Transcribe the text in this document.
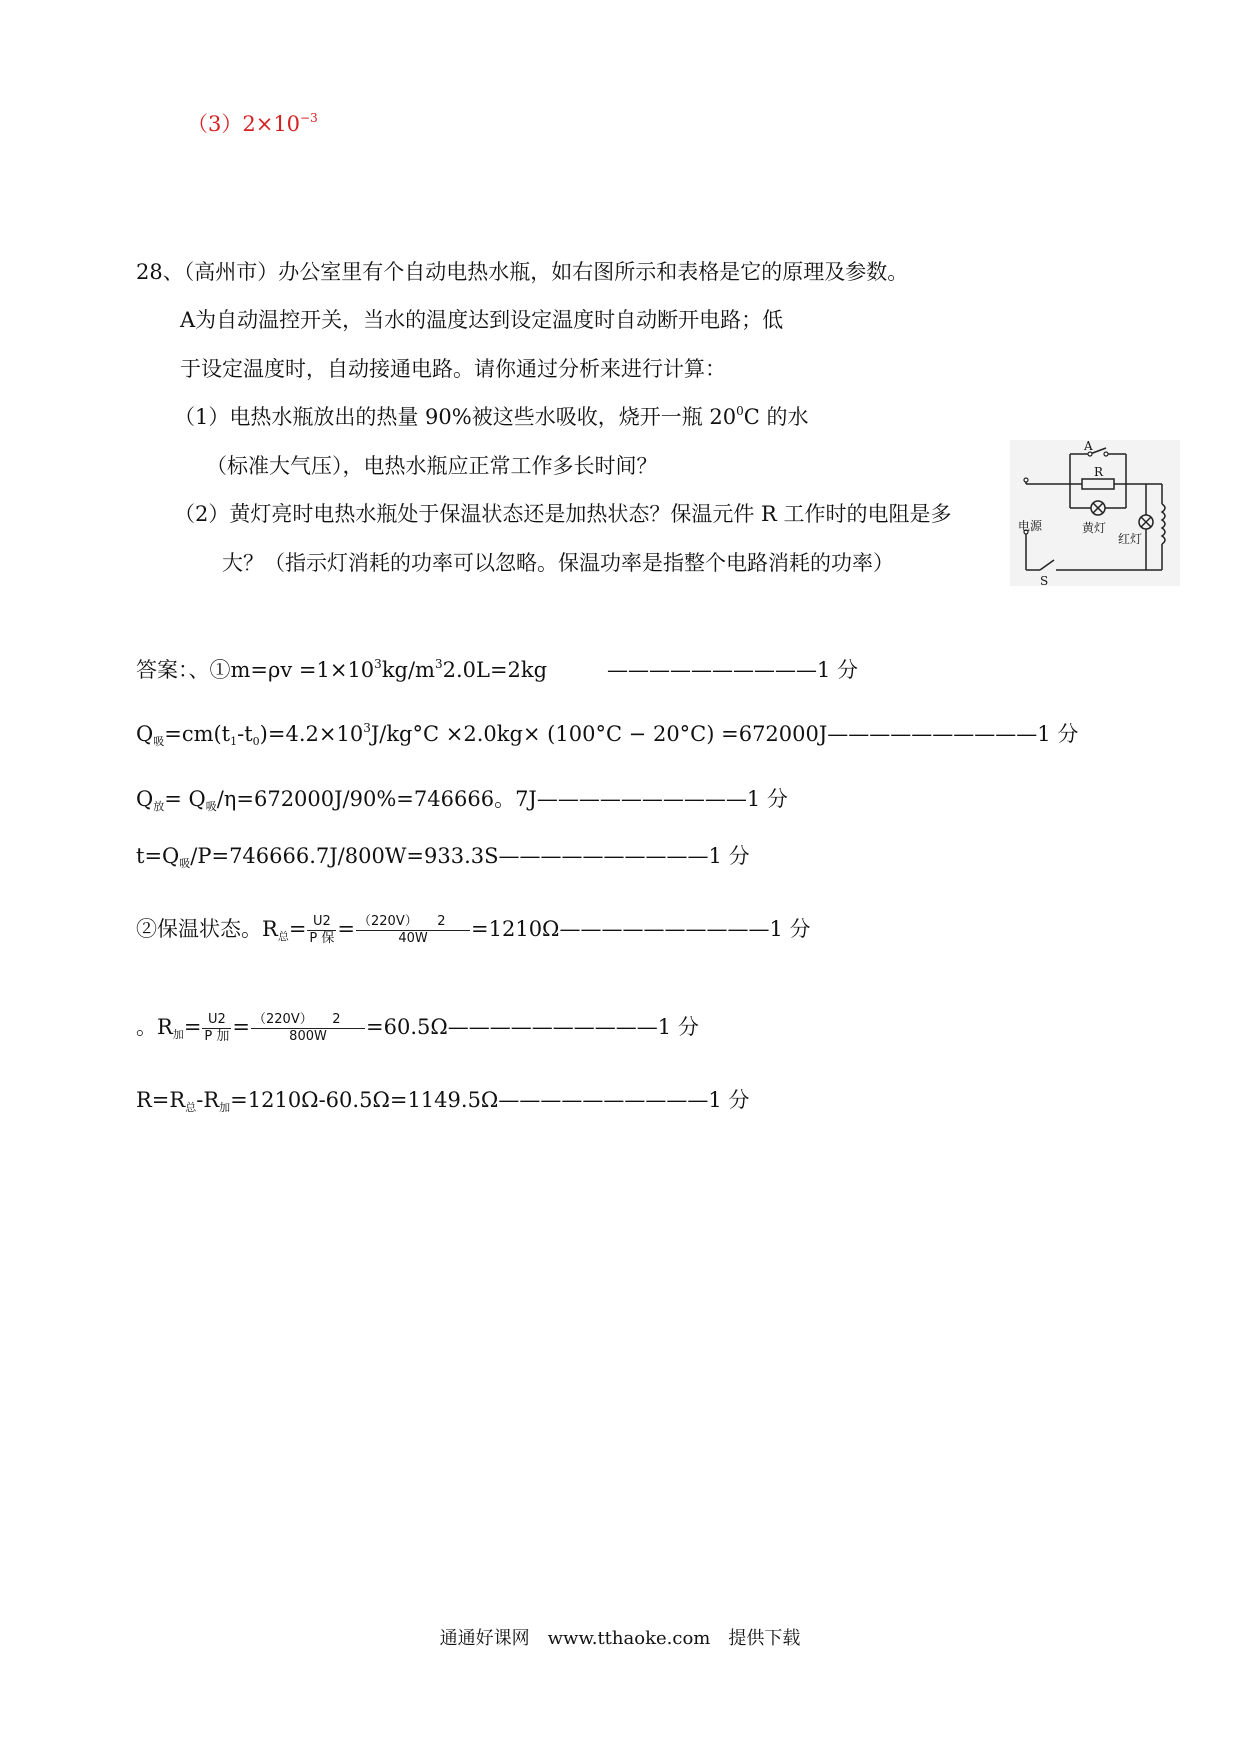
$(3)2\times 10^{-3}$
28、（高州市）办公室里有个自动电热水瓶，如右图所示和表格是它的原理及参数。
A为自动温控开关，当水的温度达到设定温度时自动断开电路；低
于设定温度时，自动接通电路。请你通过分析来进行计算：
（1）电热水瓶放出的热量 90%被这些水吸收，烧开一瓶 $20^0C$ 的水
（标准大气压），电热水瓶应正常工作多长时间？
（2）黄灯亮时电热水瓶处于保温状态还是加热状态？保温元件 R 工作时的电阻是多
大？（指示灯消耗的功率可以忽略。保温功率是指整个电路消耗的功率）
A
R
电源	黄灯
红灯
S
答案：、①m=ρv $=1\times 10^3kg/m^32.0L=2kg$	——————————1 分
$Q_吸=cm(t_1-t_0)=4.2\times 10^3J/kg^\circ C \times 2.0kg\times (100^\circ C - 20^\circ C)$ =672000J——————————1 分
$Q_放= Q_吸/\eta=672000J/90\%=746666$。7J——————————1 分
$t=Q_吸/P=746666.7J/800W=933.3S——————————1$ 分
②保温状态。$R_总= \frac{U2}{\text{P 保}} = \frac{(220V) 2}{40W}$ =1210Ω——————————1 分
。$R_加= \frac{U2}{\text{P 加}} = \frac{(220V) 2}{800W}$ =60.5Ω——————————1 分
$R=R_总-R_加=1210\Omega-60.5\Omega=1149.5\Omega——————————1$ 分
通通好课网　www.tthaoke.com　提供下载
